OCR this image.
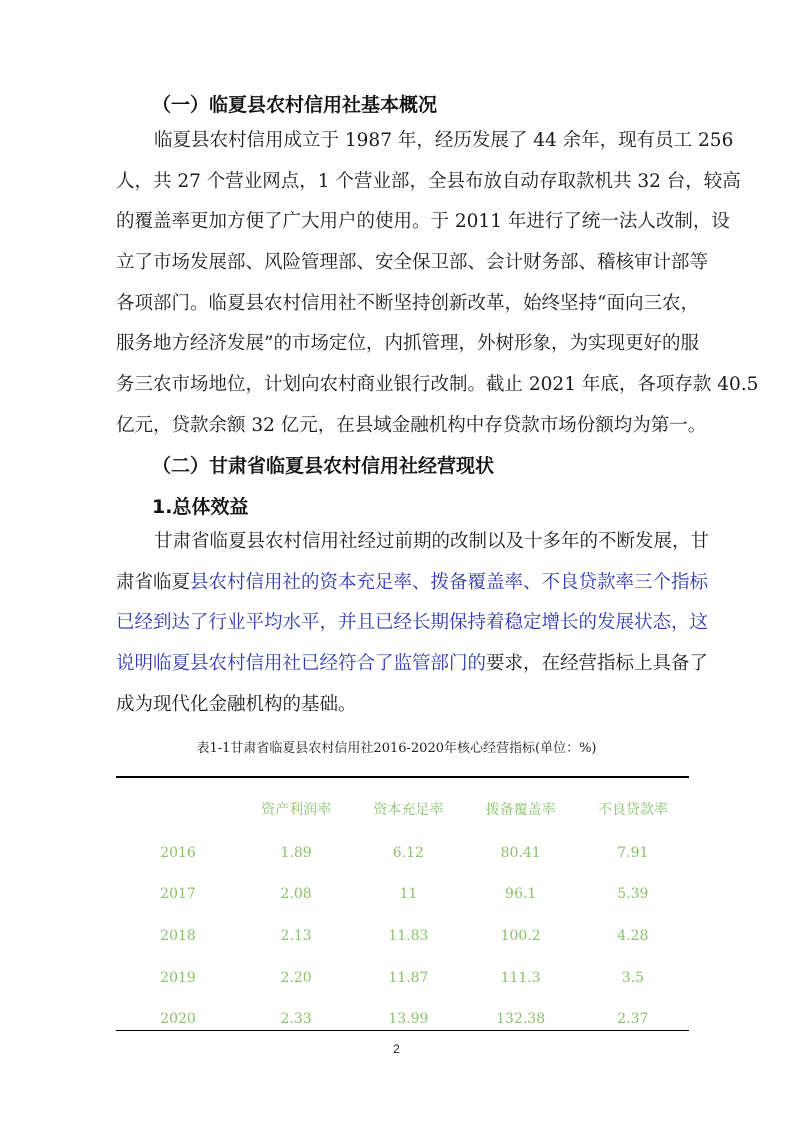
（一）临夏县农村信用社基本概况
临夏县农村信用成立于 1987 年，经历发展了 44 余年，现有员工 256
人，共 27 个营业网点，1 个营业部，全县布放自动存取款机共 32 台，较高
的覆盖率更加方便了广大用户的使用。于 2011 年进行了统一法人改制，设
立了市场发展部、风险管理部、安全保卫部、会计财务部、稽核审计部等
各项部门。临夏县农村信用社不断坚持创新改革，始终坚持“面向三农，
服务地方经济发展”的市场定位，内抓管理，外树形象，为实现更好的服
务三农市场地位，计划向农村商业银行改制。截止 2021 年底，各项存款 40.5
亿元，贷款余额 32 亿元，在县域金融机构中存贷款市场份额均为第一。
（二）甘肃省临夏县农村信用社经营现状
1.总体效益
甘肃省临夏县农村信用社经过前期的改制以及十多年的不断发展，甘
肃省临夏县农村信用社的资本充足率、拨备覆盖率、不良贷款率三个指标
已经到达了行业平均水平，并且已经长期保持着稳定增长的发展状态，这
说明临夏县农村信用社已经符合了监管部门的要求，在经营指标上具备了
成为现代化金融机构的基础。
表1-1甘肃省临夏县农村信用社2016-2020年核心经营指标(单位：%)
	资产利润率	资本充足率	拨备覆盖率	不良贷款率
2016	1.89	6.12	80.41	7.91
2017	2.08	11	96.1	5.39
2018	2.13	11.83	100.2	4.28
2019	2.20	11.87	111.3	3.5
2020	2.33	13.99	132.38	2.37
2
